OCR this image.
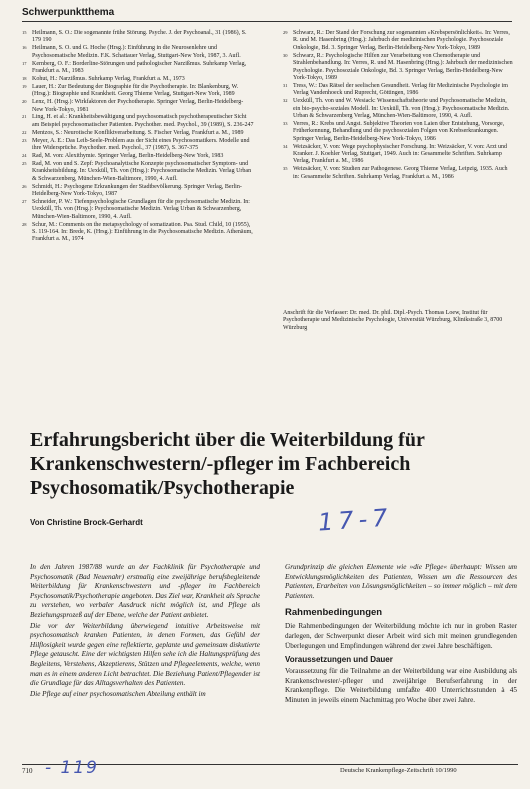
Schwerpunktthema
15 Heilmann, S. O.: Die sogenannte frühe Störung. Psyche. J. der Psychoanal., 31 (1986), S. 179 190
16 Heilmann, S. O. und G. Hoche (Hrsg.): Einführung in die Neurosenlehre und Psychosomatische Medizin. F.K. Schattauer Verlag, Stuttgart-New York, 1987, 3. Aufl.
17 Kernberg, O. F.: Borderline-Störungen und pathologischer Narzißmus. Suhrkamp Verlag, Frankfurt a. M., 1983
18 Kohut, H.: Narzißmus. Suhrkamp Verlag, Frankfurt a. M., 1973
19 Lauer, H.: Zur Bedeutung der Biographie für die Psychotherapie. In: Blankenburg, W. (Hrsg.): Biographie und Krankheit. Georg Thieme Verlag, Stuttgart-New York, 1989
20 Lenz, H. (Hrsg.): Wirkfaktoren der Psychotherapie. Springer Verlag, Berlin-Heidelberg-New York-Tokyo, 1981
21 Ling, H. et al.: Krankheitsbewältigung und psychosomatisch psychotherapeutischer Sicht am Beispiel psychosomatischer Patienten. Psychother. med. Psychol., 39 (1989), S. 236-247
22 Mentzos, S.: Neurotische Konfliktverarbeitung. S. Fischer Verlag, Frankfurt a. M., 1989
23 Meyer, A. E.: Das Leib-Seele-Problem aus der Sicht eines Psychosomatikers. Modelle und ihre Widersprüche. Psychother. med. Psychol., 37 (1987), S. 367-375
24 Rad, M. von: Alexithymie. Springer Verlag, Berlin-Heidelberg-New York, 1983
25 Rad, M. von und S. Zepf: Psychoanalytische Konzepte psychosomatischer Symptom- und Krankheitsbildung. In: Uexküll, Th. von (Hrsg.): Psychosomatische Medizin. Verlag Urban & Schwarzenberg, München-Wien-Baltimore, 1990, 4. Aufl.
26 Schmidt, H.: Psychogene Erkrankungen der Stadtbevölkerung. Springer Verlag, Berlin-Heidelberg-New York-Tokyo, 1987
27 Schneider, P. W.: Tiefenpsychologische Grundlagen für die psychosomatische Medizin. In: Uexküll, Th. von (Hrsg.): Psychosomatische Medizin. Verlag Urban & Schwarzenberg, München-Wien-Baltimore, 1990, 4. Aufl.
28 Schur, M.: Comments on the metapsychology of somatization. Psa. Stud. Child, 10 (1955), S. 119-164. In: Brede, K. (Hrsg.): Einführung in die Psychosomatische Medizin. Athenäum, Frankfurt a. M., 1974
29 Schwarz, R.: Der Stand der Forschung zur sogenannten »Krebspersönlichkeit«. In: Verres, R. und M. Hasenbring (Hrsg.): Jahrbuch der medizinischen Psychologie. Psychosoziale Onkologie, Bd. 3. Springer Verlag, Berlin-Heidelberg-New York-Tokyo, 1989
30 Schwarz, R.: Psychologische Hilfen zur Verarbeitung von Chemotherapie und Strahlenbehandlung. In: Verres, R. und M. Hasenbring (Hrsg.): Jahrbuch der medizinischen Psychologie. Psychosoziale Onkologie, Bd. 3. Springer Verlag, Berlin-Heidelberg-New York-Tokyo, 1989
31 Tress, W.: Das Rätsel der seelischen Gesundheit. Verlag für Medizinische Psychologie im Verlag Vandenhoeck und Ruprecht, Göttingen, 1986
32 Uexküll, Th. von und W. Wesiack: Wissenschaftstheorie und Psychosomatische Medizin, ein bio-psycho-soziales Modell. In: Uexküll, Th. von (Hrsg.): Psychosomatische Medizin. Urban & Schwarzenberg Verlag, München-Wien-Baltimore, 1990, 4. Aufl.
33 Verres, R.: Krebs und Angst. Subjektive Theorien von Laien über Entstehung, Vorsorge, Früherkennung, Behandlung und die psychosozialen Folgen von Krebserkrankungen. Springer Verlag, Berlin-Heidelberg-New York-Tokyo, 1986
34 Weizsäcker, V. von: Wege psychophysischer Forschung. In: Weizsäcker, V. von: Arzt und Kranker. J. Koehler Verlag, Stuttgart, 1949. Auch in: Gesammelte Schriften. Suhrkamp Verlag, Frankfurt a. M., 1986
35 Weizsäcker, V. von: Studien zur Pathogenese. Georg Thieme Verlag, Leipzig, 1935. Auch in: Gesammelte Schriften. Suhrkamp Verlag, Frankfurt a. M., 1986
Anschrift für die Verfasser: Dr. med. Dr. phil. Dipl.-Psych. Thomas Loew, Institut für Psychotherapie und Medizinische Psychologie, Universität Würzburg, Klinikstraße 3, 8700 Würzburg
Erfahrungsbericht über die Weiterbildung für Krankenschwestern/-pfleger im Fachbereich Psychosomatik/Psychotherapie
Von Christine Brock-Gerhardt	17-7

In den Jahren 1987/88 wurde an der Fachklinik für Psychotherapie und Psychosomatik (Bad Neuenahr) erstmalig eine zweijährige berufsbegleitende Weiterbildung für Krankenschwestern und -pfleger im Fachbereich Psychosomatik/Psychotherapie angeboten. Das Ziel war, Krankheit als Sprache zu verstehen, wo verbaler Ausdruck nicht möglich ist, und Pflege als Beziehungsprozeß auf der Ebene, welche der Patient anbietet.

Die vor der Weiterbildung überwiegend intuitive Arbeitsweise mit psychosomatisch kranken Patienten, in denen Formen, das Gefühl der Hilflosigkeit wurde gegen eine reflektierte, geplante und gemeinsam diskutierte Pflege getauscht. Eine der wichtigsten Hilfen sehe ich die Haltungsprüfung des Begleitens, Verstehens, Akzeptierens, Stützen und Pflegeelements, welche, wenn man es in einem anderen Licht betrachtet. Die Beziehung Patient/Pflegender ist die Grundlage für das Alltagsverhalten des Patienten.

Die Pflege auf einer psychosomatischen Abteilung enthält im

Grundprinzip die gleichen Elemente wie »die Pflege« überhaupt: Wissen um Entwicklungsmöglichkeiten des Patienten, Wissen um die Ressourcen des Patienten, Erarbeiten von Lösungsmöglichkeiten – so immer möglich – mit dem Patienten.

Rahmenbedingungen

Die Rahmenbedingungen der Weiterbildung möchte ich nur in groben Raster darlegen, der Schwerpunkt dieser Arbeit wird sich mit meinen grundlegenden Überlegungen und Empfindungen während der zwei Jahre beschäftigen.

Voraussetzungen und Dauer

Voraussetzung für die Teilnahme an der Weiterbildung war eine Ausbildung als Krankenschwester/-pfleger und zweijährige Berufserfahrung in der Krankenpflege. Die Weiterbildung umfaßte 400 Unterrichtsstunden à 45 Minuten in jeweils einem Nachmittag pro Woche über zwei Jahre.

710 - 119	Deutsche Krankenpflege-Zeitschrift 10/1990
